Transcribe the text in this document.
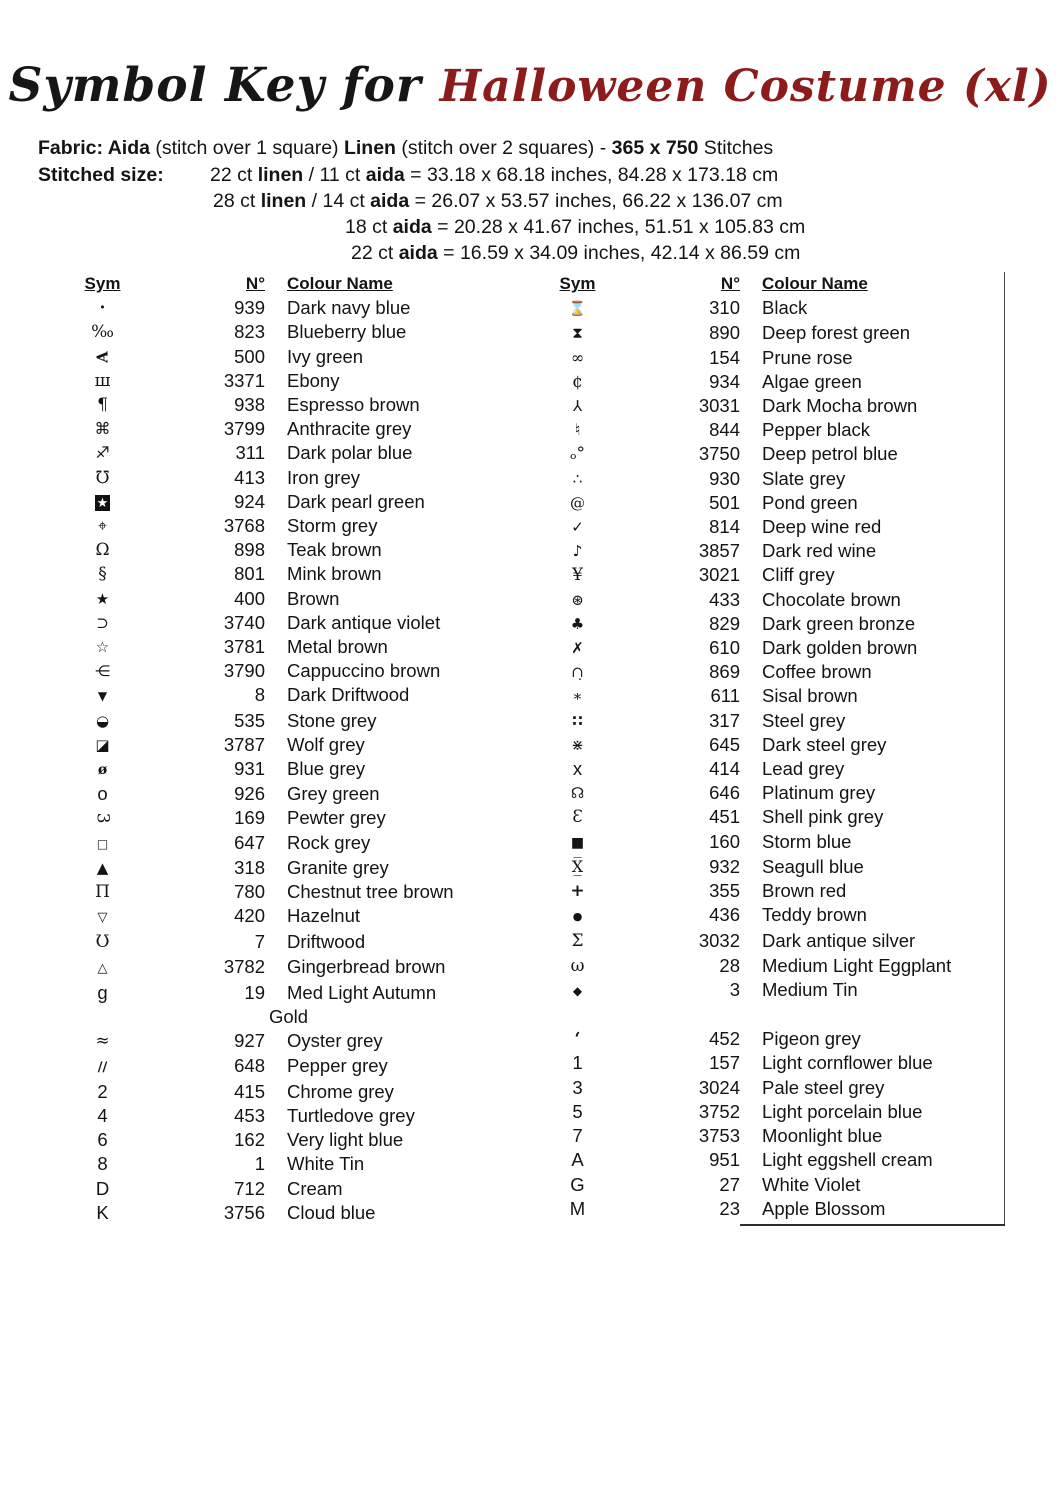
Symbol Key for Halloween Costume (xl)
Fabric: Aida (stitch over 1 square) Linen (stitch over 2 squares) - 365 x 750 Stitches
Stitched size: 22 ct linen / 11 ct aida = 33.18 x 68.18 inches, 84.28 x 173.18 cm
28 ct linen / 14 ct aida = 26.07 x 53.57 inches, 66.22 x 136.07 cm
18 ct aida = 20.28 x 41.67 inches, 51.51 x 105.83 cm
22 ct aida = 16.59 x 34.09 inches, 42.14 x 86.59 cm
Sym	N°	Colour Name
·	939	Dark navy blue
‰	823	Blueberry blue
A	500	Ivy green
ш	3371	Ebony
¶	938	Espresso brown
⌘	3799	Anthracite grey
♐	311	Dark polar blue
℧	413	Iron grey
★	924	Dark pearl green
⌖	3768	Storm grey
Ω	898	Teak brown
§	801	Mink brown
★	400	Brown
⊃	3740	Dark antique violet
☆	3781	Metal brown
⋲	3790	Cappuccino brown
▼	8	Dark Driftwood
◒	535	Stone grey
◪	3787	Wolf grey
ø	931	Blue grey
o	926	Grey green
3	169	Pewter grey
□	647	Rock grey
▲	318	Granite grey
Π	780	Chestnut tree brown
▽	420	Hazelnut
Ʊ	7	Driftwood
△	3782	Gingerbread brown
g	19	Med Light Autumn
Gold
≈	927	Oyster grey
∕∕	648	Pepper grey
2	415	Chrome grey
4	453	Turtledove grey
6	162	Very light blue
8	1	White Tin
D	712	Cream
K	3756	Cloud blue
Sym	N°	Colour Name
⌛	310	Black
⧗	890	Deep forest green
∞	154	Prune rose
¢	934	Algae green
⅄	3031	Dark Mocha brown
♮	844	Pepper black
ₒ°	3750	Deep petrol blue
∴	930	Slate grey
@	501	Pond green
✓	814	Deep wine red
♪	3857	Dark red wine
¥	3021	Cliff grey
⊛	433	Chocolate brown
♣	829	Dark green bronze
✗	610	Dark golden brown
∩̣	869	Coffee brown
∗	611	Sisal brown
∷	317	Steel grey
⋇	645	Dark steel grey
x	414	Lead grey
☊	646	Platinum grey
Ɛ	451	Shell pink grey
■	160	Storm blue
X̲̅	932	Seagull blue
+	355	Brown red
●	436	Teddy brown
Σ	3032	Dark antique silver
ω	28	Medium Light Eggplant
◆	3	Medium Tin
‘	452	Pigeon grey
1	157	Light cornflower blue
3	3024	Pale steel grey
5	3752	Light porcelain blue
7	3753	Moonlight blue
A	951	Light eggshell cream
G	27	White Violet
M	23	Apple Blossom
